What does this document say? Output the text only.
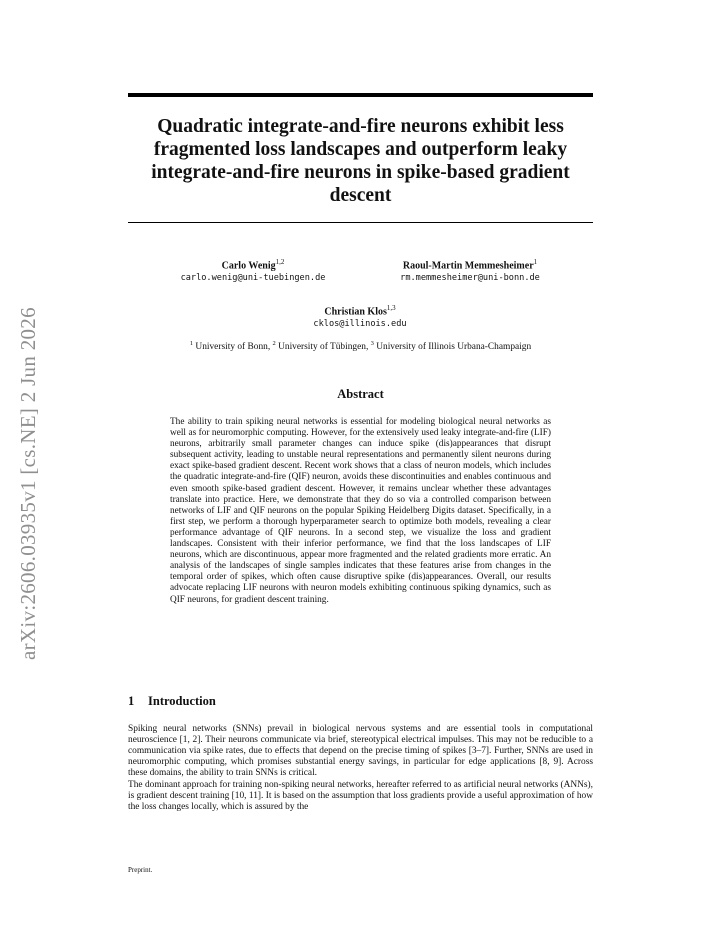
arXiv:2606.03935v1 [cs.NE] 2 Jun 2026
Quadratic integrate-and-fire neurons exhibit less fragmented loss landscapes and outperform leaky integrate-and-fire neurons in spike-based gradient descent
Carlo Wenig$^{1,2}$
carlo.wenig@uni-tuebingen.de
Raoul-Martin Memmesheimer$^1$
rm.memmesheimer@uni-bonn.de
Christian Klos$^{1,3}$
cklos@illinois.edu
$^1$ University of Bonn, $^2$ University of Tübingen, $^3$ University of Illinois Urbana-Champaign
Abstract
The ability to train spiking neural networks is essential for modeling biological neural networks as well as for neuromorphic computing. However, for the extensively used leaky integrate-and-fire (LIF) neurons, arbitrarily small parameter changes can induce spike (dis)appearances that disrupt subsequent activity, leading to unstable neural representations and permanently silent neurons during exact spike-based gradient descent. Recent work shows that a class of neuron models, which includes the quadratic integrate-and-fire (QIF) neuron, avoids these discontinuities and enables continuous and even smooth spike-based gradient descent. However, it remains unclear whether these advantages translate into practice. Here, we demonstrate that they do so via a controlled comparison between networks of LIF and QIF neurons on the popular Spiking Heidelberg Digits dataset. Specifically, in a first step, we perform a thorough hyperparameter search to optimize both models, revealing a clear performance advantage of QIF neurons. In a second step, we visualize the loss and gradient landscapes. Consistent with their inferior performance, we find that the loss landscapes of LIF neurons, which are discontinuous, appear more fragmented and the related gradients more erratic. An analysis of the landscapes of single samples indicates that these features arise from changes in the temporal order of spikes, which often cause disruptive spike (dis)appearances. Overall, our results advocate replacing LIF neurons with neuron models exhibiting continuous spiking dynamics, such as QIF neurons, for gradient descent training.
1 Introduction
Spiking neural networks (SNNs) prevail in biological nervous systems and are essential tools in computational neuroscience [1, 2]. Their neurons communicate via brief, stereotypical electrical impulses. This may not be reducible to a communication via spike rates, due to effects that depend on the precise timing of spikes [3–7]. Further, SNNs are used in neuromorphic computing, which promises substantial energy savings, in particular for edge applications [8, 9]. Across these domains, the ability to train SNNs is critical.
The dominant approach for training non-spiking neural networks, hereafter referred to as artificial neural networks (ANNs), is gradient descent training [10, 11]. It is based on the assumption that loss gradients provide a useful approximation of how the loss changes locally, which is assured by the
Preprint.
